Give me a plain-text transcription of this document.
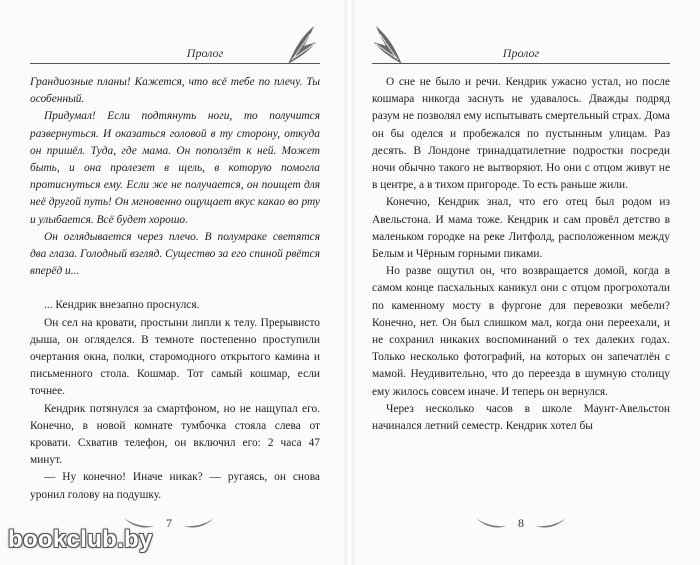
Пролог

Грандиозные планы! Кажется, что всё тебе по плечу. Ты особенный.

Придумал! Если подтянуть ноги, то получится развернуться. И оказаться головой в ту сторону, откуда он пришёл. Туда, где мама. Он поползёт к ней. Может быть, и она пролезет в щель, в которую помогла протиснуться ему. Если же не получается, он поищет для неё другой путь! Он мгновенно ощущает вкус какао во рту и улыбается. Всё будет хорошо.

Он оглядывается через плечо. В полумраке светятся два глаза. Голодный взгляд. Существо за его спиной рвётся вперёд и...

... Кендрик внезапно проснулся.

Он сел на кровати, простыни липли к телу. Прерывисто дыша, он огляделся. В темноте постепенно проступили очертания окна, полки, старомодного открытого камина и письменного стола. Кошмар. Тот самый кошмар, если точнее.

Кендрик потянулся за смартфоном, но не нащупал его. Конечно, в новой комнате тумбочка стояла слева от кровати. Схватив телефон, он включил его: 2 часа 47 минут.

— Ну конечно! Иначе никак? — ругаясь, он снова уронил голову на подушку.

7
Пролог

О сне не было и речи. Кендрик ужасно устал, но после кошмара никогда заснуть не удавалось. Дважды подряд разум не позволял ему испытывать смертельный страх. Дома он бы оделся и пробежался по пустынным улицам. Раз десять. В Лондоне тринадцатилетние подростки посреди ночи обычно такого не вытворяют. Но они с отцом живут не в центре, а в тихом пригороде. То есть раньше жили.

Конечно, Кендрик знал, что его отец был родом из Авельстона. И мама тоже. Кендрик и сам провёл детство в маленьком городке на реке Литфолд, расположенном между Белым и Чёрным горными пиками.

Но разве ощутил он, что возвращается домой, когда в самом конце пасхальных каникул они с отцом прогрохотали по каменному мосту в фургоне для перевозки мебели? Конечно, нет. Он был слишком мал, когда они переехали, и не сохранил никаких воспоминаний о тех далеких годах. Только несколько фотографий, на которых он запечатлён с мамой. Неудивительно, что до переезда в шумную столицу ему жилось совсем иначе. И теперь он вернулся.

Через несколько часов в школе Маунт-Авельстон начинался летний семестр. Кендрик хотел бы

8
bookclub.by
